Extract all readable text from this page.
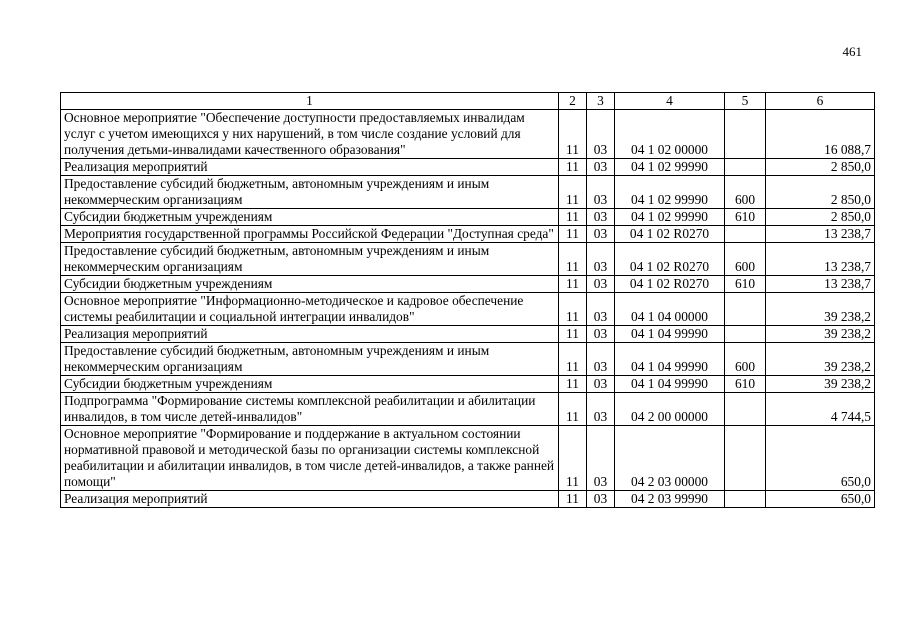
461
1	2	3	4	5	6
Основное мероприятие "Обеспечение доступности предоставляемых инвалидам услуг с учетом имеющихся у них нарушений, в том числе создание условий для получения детьми-инвалидами качественного образования"	11	03	04 1 02 00000		16 088,7
Реализация мероприятий	11	03	04 1 02 99990		2 850,0
Предоставление субсидий бюджетным, автономным учреждениям и иным некоммерческим организациям	11	03	04 1 02 99990	600	2 850,0
Субсидии бюджетным учреждениям	11	03	04 1 02 99990	610	2 850,0
Мероприятия государственной программы Российской Федерации "Доступная среда"	11	03	04 1 02 R0270		13 238,7
Предоставление субсидий бюджетным, автономным учреждениям и иным некоммерческим организациям	11	03	04 1 02 R0270	600	13 238,7
Субсидии бюджетным учреждениям	11	03	04 1 02 R0270	610	13 238,7
Основное мероприятие "Информационно-методическое и кадровое обеспечение системы реабилитации и социальной интеграции инвалидов"	11	03	04 1 04 00000		39 238,2
Реализация мероприятий	11	03	04 1 04 99990		39 238,2
Предоставление субсидий бюджетным, автономным учреждениям и иным некоммерческим организациям	11	03	04 1 04 99990	600	39 238,2
Субсидии бюджетным учреждениям	11	03	04 1 04 99990	610	39 238,2
Подпрограмма "Формирование системы комплексной реабилитации и абилитации инвалидов, в том числе детей-инвалидов"	11	03	04 2 00 00000		4 744,5
Основное мероприятие "Формирование и поддержание в актуальном состоянии нормативной правовой и методической базы по организации системы комплексной реабилитации и абилитации инвалидов, в том числе детей-инвалидов, а также ранней помощи"	11	03	04 2 03 00000		650,0
Реализация мероприятий	11	03	04 2 03 99990		650,0
